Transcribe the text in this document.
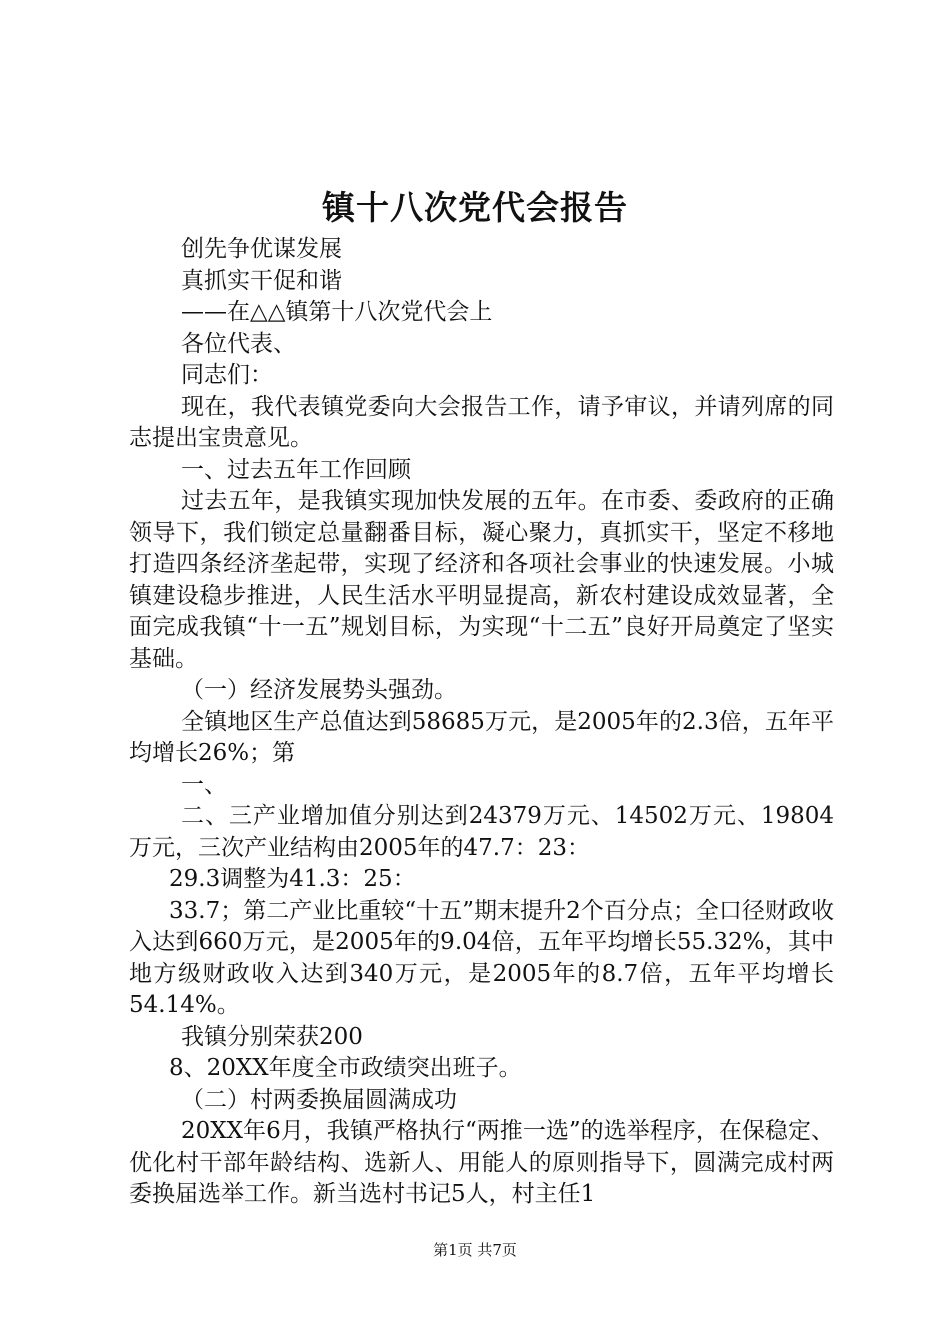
镇十八次党代会报告

创先争优谋发展

真抓实干促和谐

——在△△镇第十八次党代会上

各位代表、

同志们：

现在，我代表镇党委向大会报告工作，请予审议，并请列席的同志提出宝贵意见。

一、过去五年工作回顾

过去五年，是我镇实现加快发展的五年。在市委、委政府的正确领导下，我们锁定总量翻番目标，凝心聚力，真抓实干，坚定不移地打造四条经济垄起带，实现了经济和各项社会事业的快速发展。小城镇建设稳步推进，人民生活水平明显提高，新农村建设成效显著，全面完成我镇“十一五”规划目标，为实现“十二五”良好开局奠定了坚实基础。

（一）经济发展势头强劲。

全镇地区生产总值达到58685万元，是2005年的2.3倍，五年平均增长26%；第

一、

二、三产业增加值分别达到24379万元、14502万元、19804万元，三次产业结构由2005年的47.7：23：

29.3调整为41.3：25：

33.7；第二产业比重较“十五”期末提升2个百分点；全口径财政收入达到660万元，是2005年的9.04倍，五年平均增长55.32%，其中地方级财政收入达到340万元，是2005年的8.7倍，五年平均增长54.14%。

我镇分别荣获200

8、20XX年度全市政绩突出班子。

（二）村两委换届圆满成功

20XX年6月，我镇严格执行“两推一选”的选举程序，在保稳定、优化村干部年龄结构、选新人、用能人的原则指导下，圆满完成村两委换届选举工作。新当选村书记5人，村主任1

第1页 共7页
